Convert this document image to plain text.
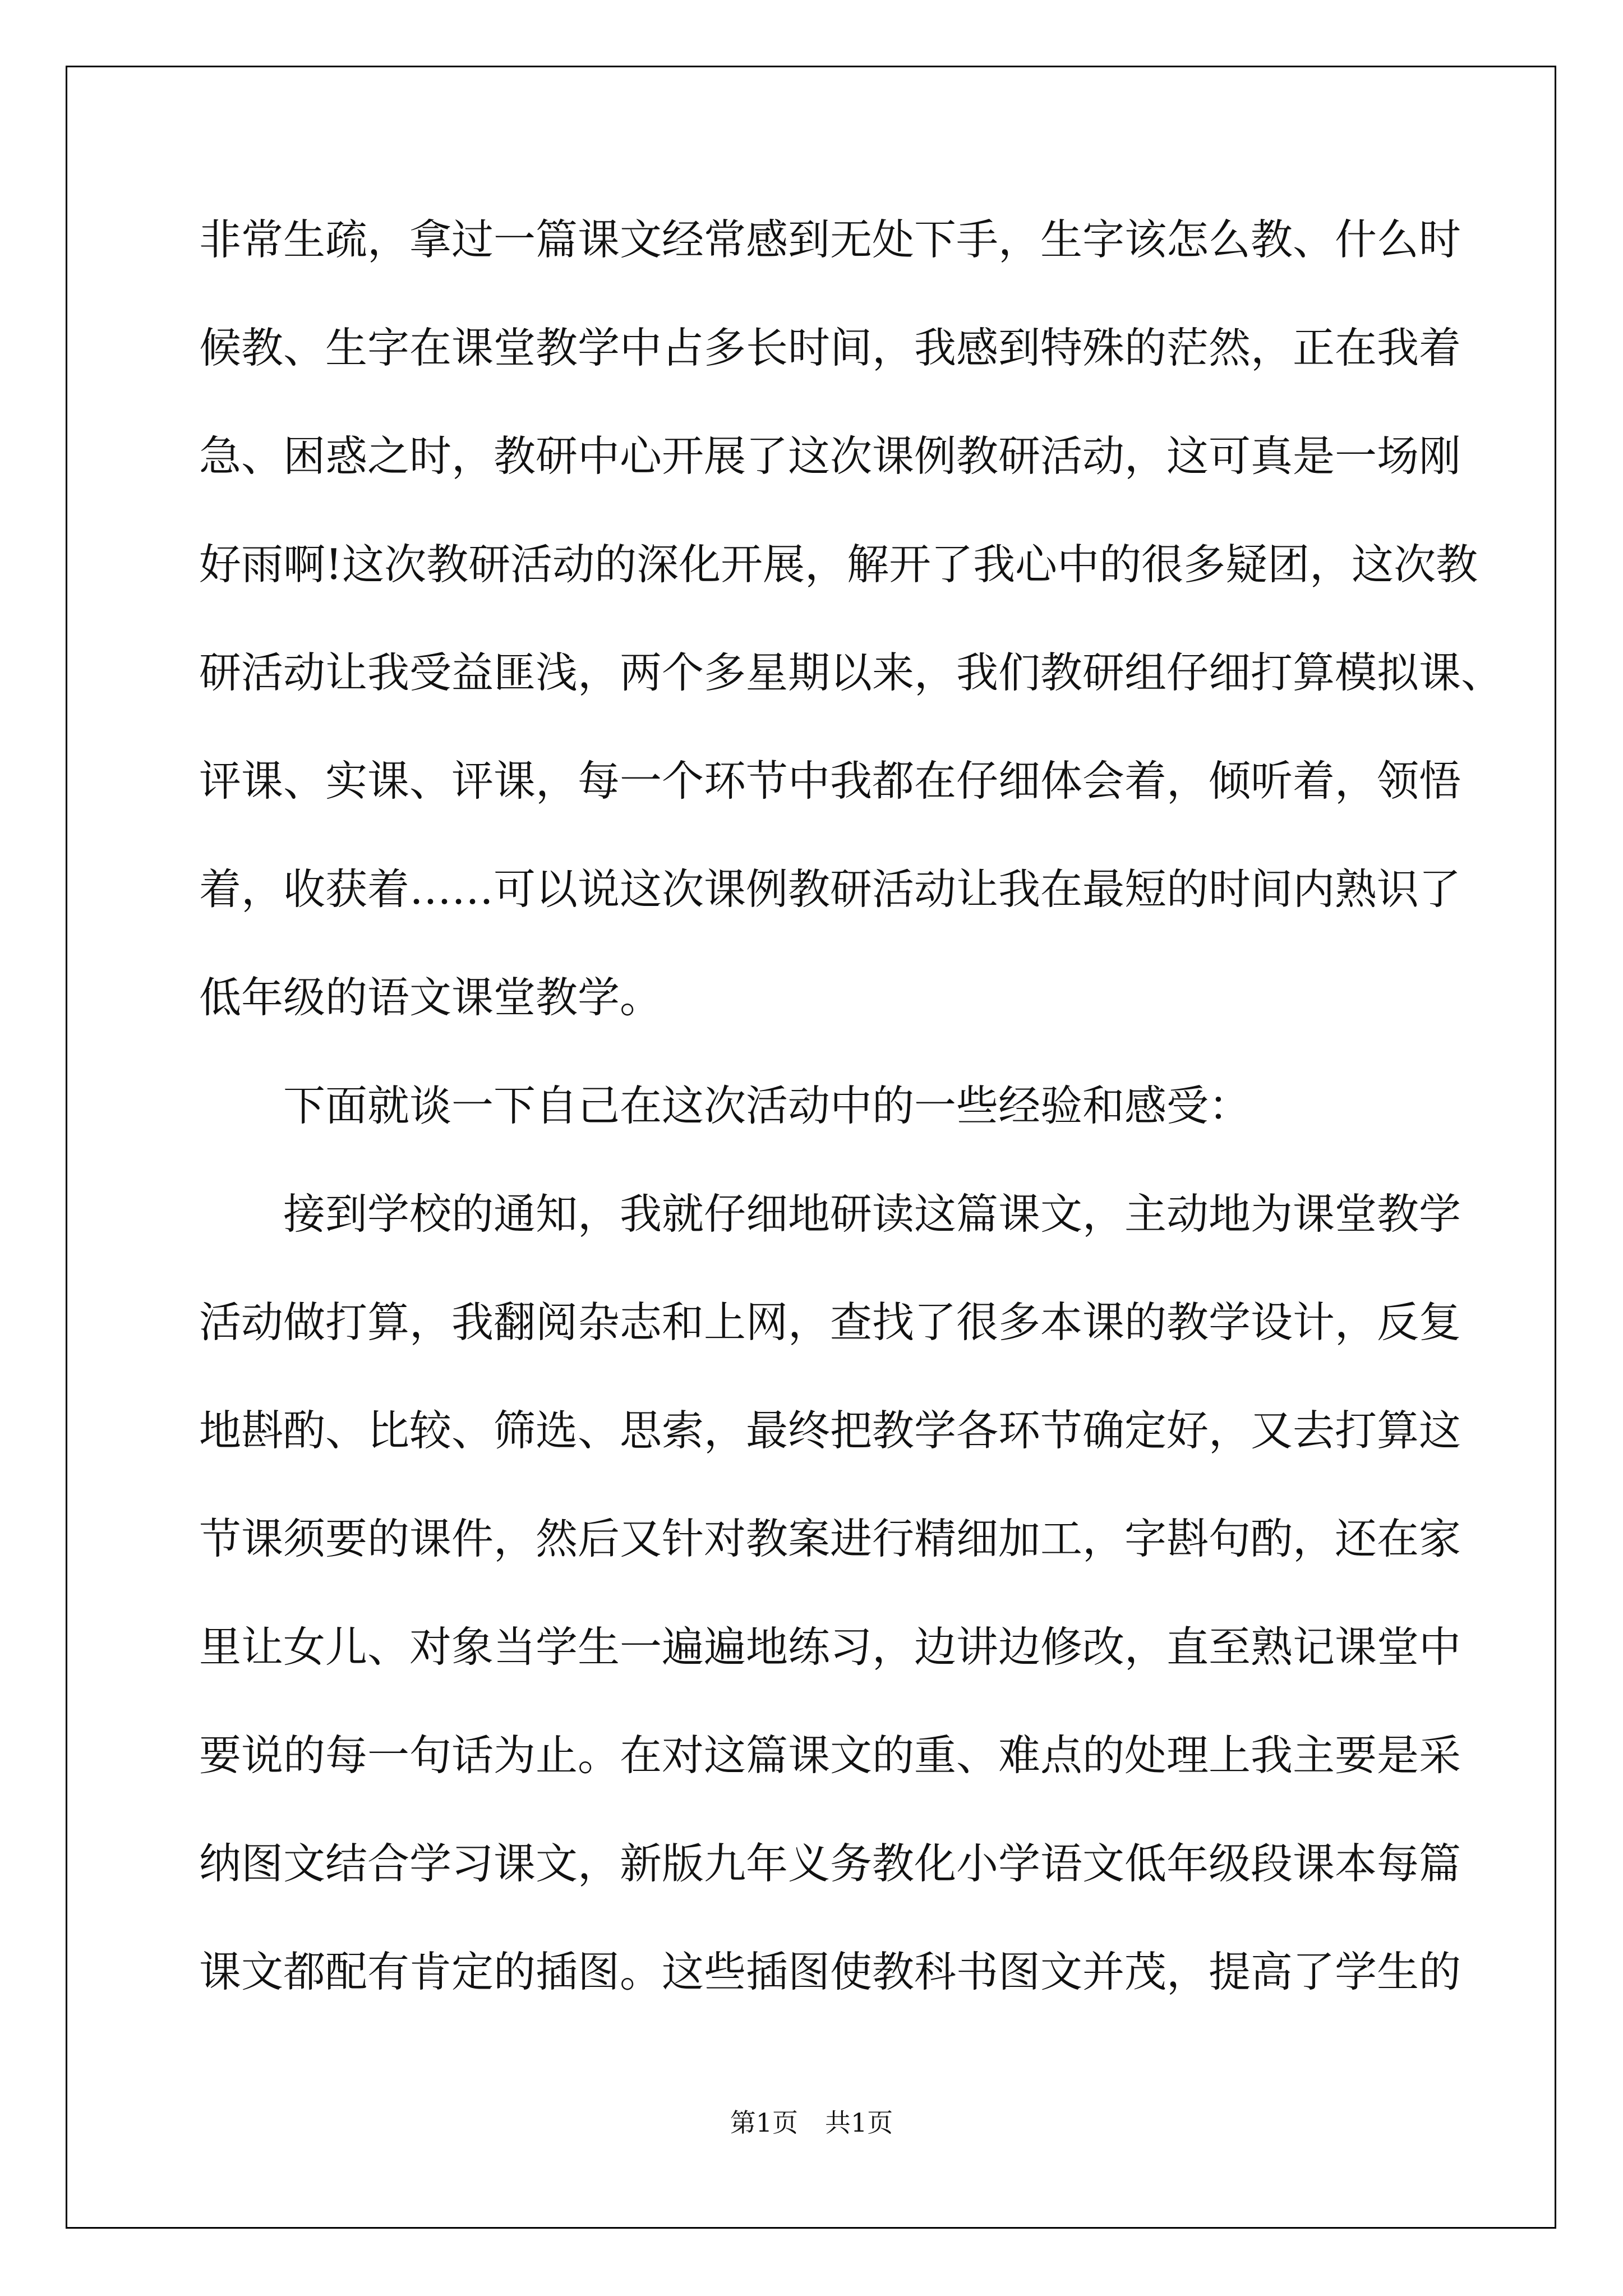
非常生疏，拿过一篇课文经常感到无处下手，生字该怎么教、什么时
候教、生字在课堂教学中占多长时间，我感到特殊的茫然，正在我着
急、困惑之时，教研中心开展了这次课例教研活动，这可真是一场刚
好雨啊!这次教研活动的深化开展，解开了我心中的很多疑团，这次教
研活动让我受益匪浅，两个多星期以来，我们教研组仔细打算模拟课、
评课、实课、评课，每一个环节中我都在仔细体会着，倾听着，领悟
着，收获着……可以说这次课例教研活动让我在最短的时间内熟识了
低年级的语文课堂教学。
下面就谈一下自己在这次活动中的一些经验和感受：
接到学校的通知，我就仔细地研读这篇课文，主动地为课堂教学
活动做打算，我翻阅杂志和上网，查找了很多本课的教学设计，反复
地斟酌、比较、筛选、思索，最终把教学各环节确定好，又去打算这
节课须要的课件，然后又针对教案进行精细加工，字斟句酌，还在家
里让女儿、对象当学生一遍遍地练习，边讲边修改，直至熟记课堂中
要说的每一句话为止。在对这篇课文的重、难点的处理上我主要是采
纳图文结合学习课文，新版九年义务教化小学语文低年级段课本每篇
课文都配有肯定的插图。这些插图使教科书图文并茂，提高了学生的
第1页 共1页
